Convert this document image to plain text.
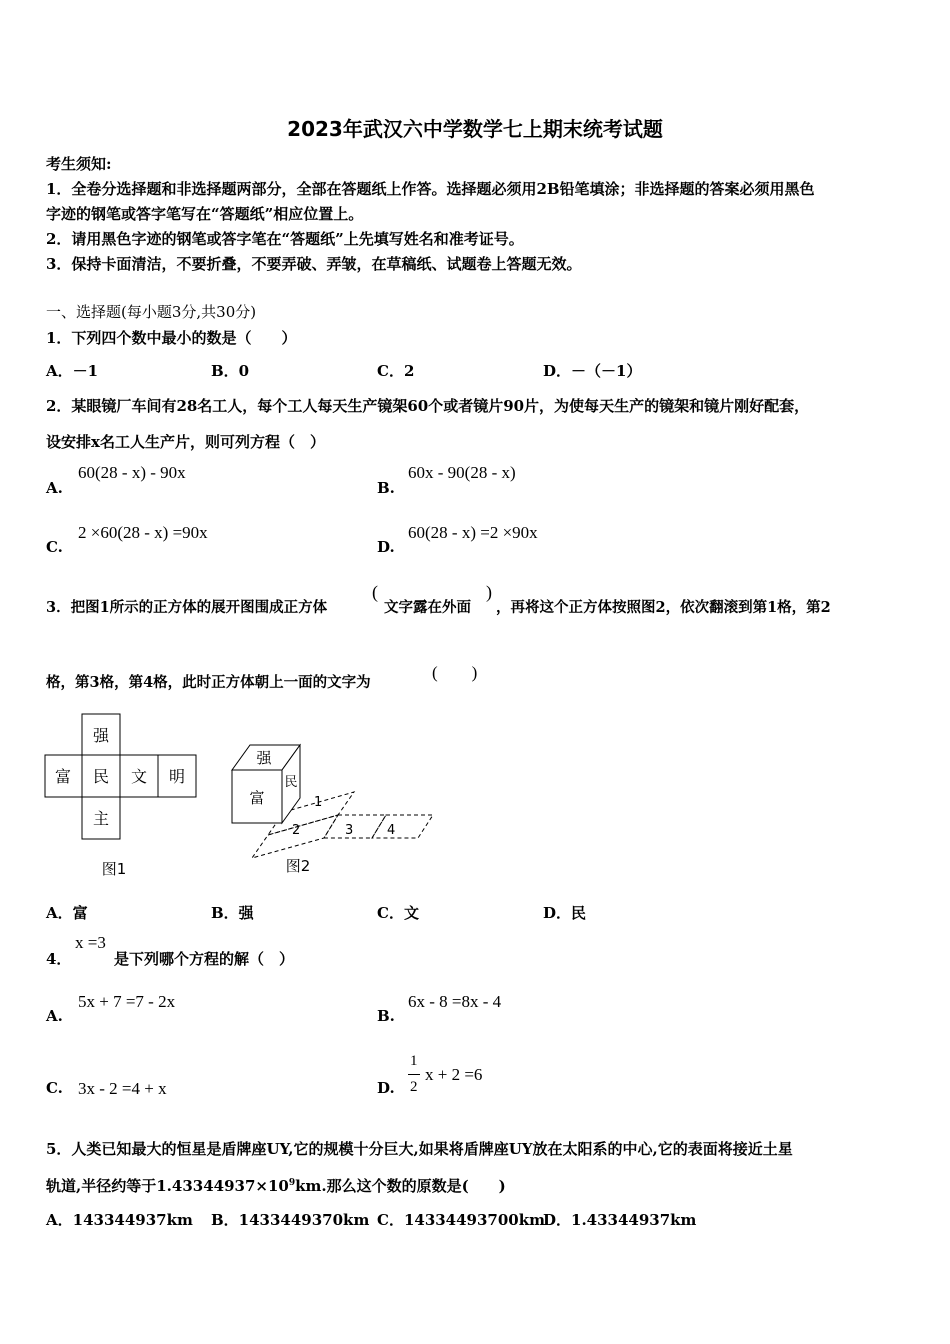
2023年武汉六中学数学七上期末统考试题
考生须知:
1．全卷分选择题和非选择题两部分，全部在答题纸上作答。选择题必须用2B铅笔填涂；非选择题的答案必须用黑色
字迹的钢笔或答字笔写在“答题纸”相应位置上。
2．请用黑色字迹的钢笔或答字笔在“答题纸”上先填写姓名和准考证号。
3．保持卡面清洁，不要折叠，不要弄破、弄皱，在草稿纸、试题卷上答题无效。
一、选择题(每小题3分,共30分)
1．下列四个数中最小的数是（　　）
A．－1	B．0	C．2	D．－（－1）
2．某眼镜厂车间有28名工人，每个工人每天生产镜架60个或者镜片90片，为使每天生产的镜架和镜片刚好配套，
设安排x名工人生产片，则可列方程（　）
A.
60(28 - x) - 90x
B.
60x - 90(28 - x)
C.
2 ×60(28 - x) =90x
D.
60(28 - x) =2 ×90x
3．把图1所示的正方体的展开图围成正方体
(
文字露在外面
)
，再将这个正方体按照图2，依次翻滚到第1格，第2
格，第3格，第4格，此时正方体朝上一面的文字为
(　　)
强
富 民 文 明
主
图1
强
富
民
1
2	3	4
图2
A．富	B．强	C．文	D．民
4．
x =3
是下列哪个方程的解（　）
A.
5x + 7 =7 - 2x
B.
6x - 8 =8x - 4
C. 3x - 2 =4 + x	D.
1
2
x + 2 =6
5．人类已知最大的恒星是盾牌座UY,它的规模十分巨大,如果将盾牌座UY放在太阳系的中心,它的表面将接近土星
轨道,半径约等于$1.43344937\times 10^9km$.那么这个数的原数是(　　)
A．143344937km B．1433449370km C．14334493700km
D．1.43344937km
